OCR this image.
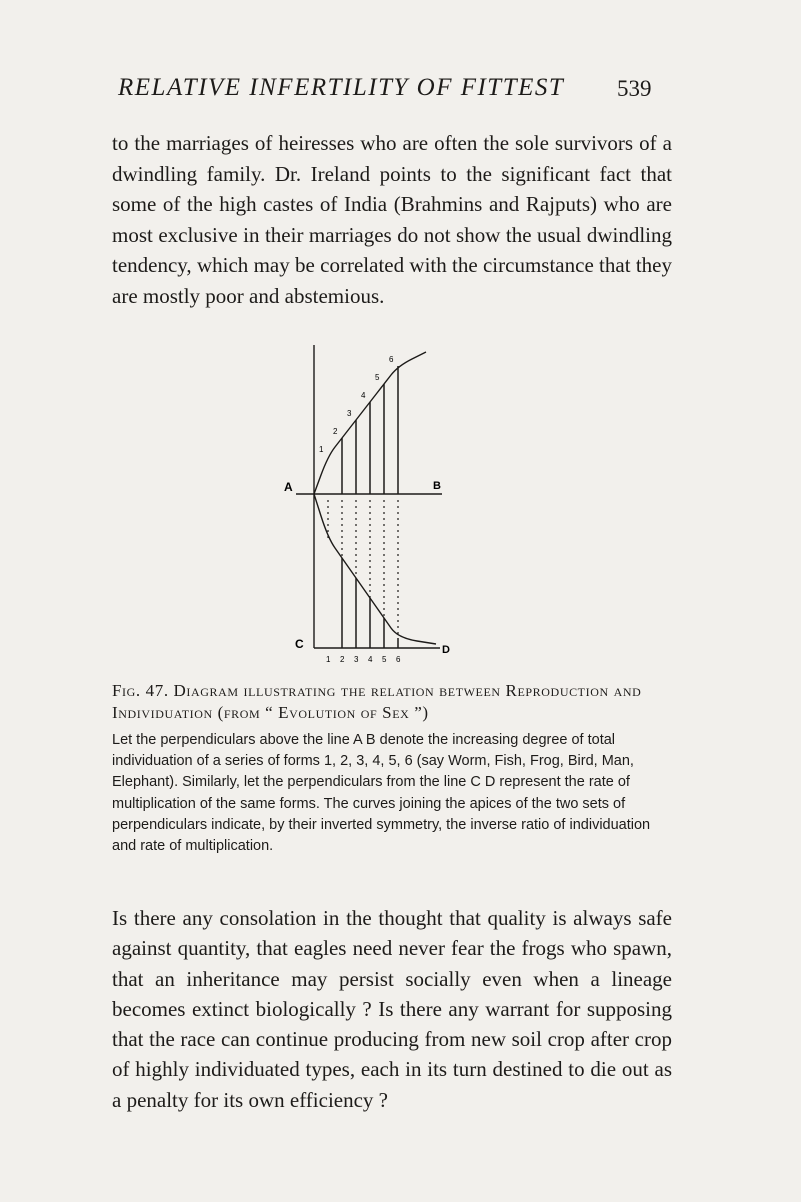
RELATIVE INFERTILITY OF FITTEST 539

to the marriages of heiresses who are often the sole survivors of a dwindling family. Dr. Ireland points to the significant fact that some of the high castes of India (Brahmins and Rajputs) who are most exclusive in their marriages do not show the usual dwindling tendency, which may be correlated with the circumstance that they are mostly poor and abstemious.

A	B
C	D
1
2
3
4
5
6
1 2 3 4 5 6

Fig. 47. Diagram illustrating the relation between Reproduction and Individuation (from “ Evolution of Sex ”)

Let the perpendiculars above the line A B denote the increasing degree of total individuation of a series of forms 1, 2, 3, 4, 5, 6 (say Worm, Fish, Frog, Bird, Man, Elephant). Similarly, let the perpendiculars from the line C D represent the rate of multiplication of the same forms. The curves joining the apices of the two sets of perpendiculars indicate, by their inverted symmetry, the inverse ratio of individuation and rate of multiplication.

Is there any consolation in the thought that quality is always safe against quantity, that eagles need never fear the frogs who spawn, that an inheritance may persist socially even when a lineage becomes extinct biologically ? Is there any warrant for supposing that the race can continue producing from new soil crop after crop of highly individuated types, each in its turn destined to die out as a penalty for its own efficiency ?
